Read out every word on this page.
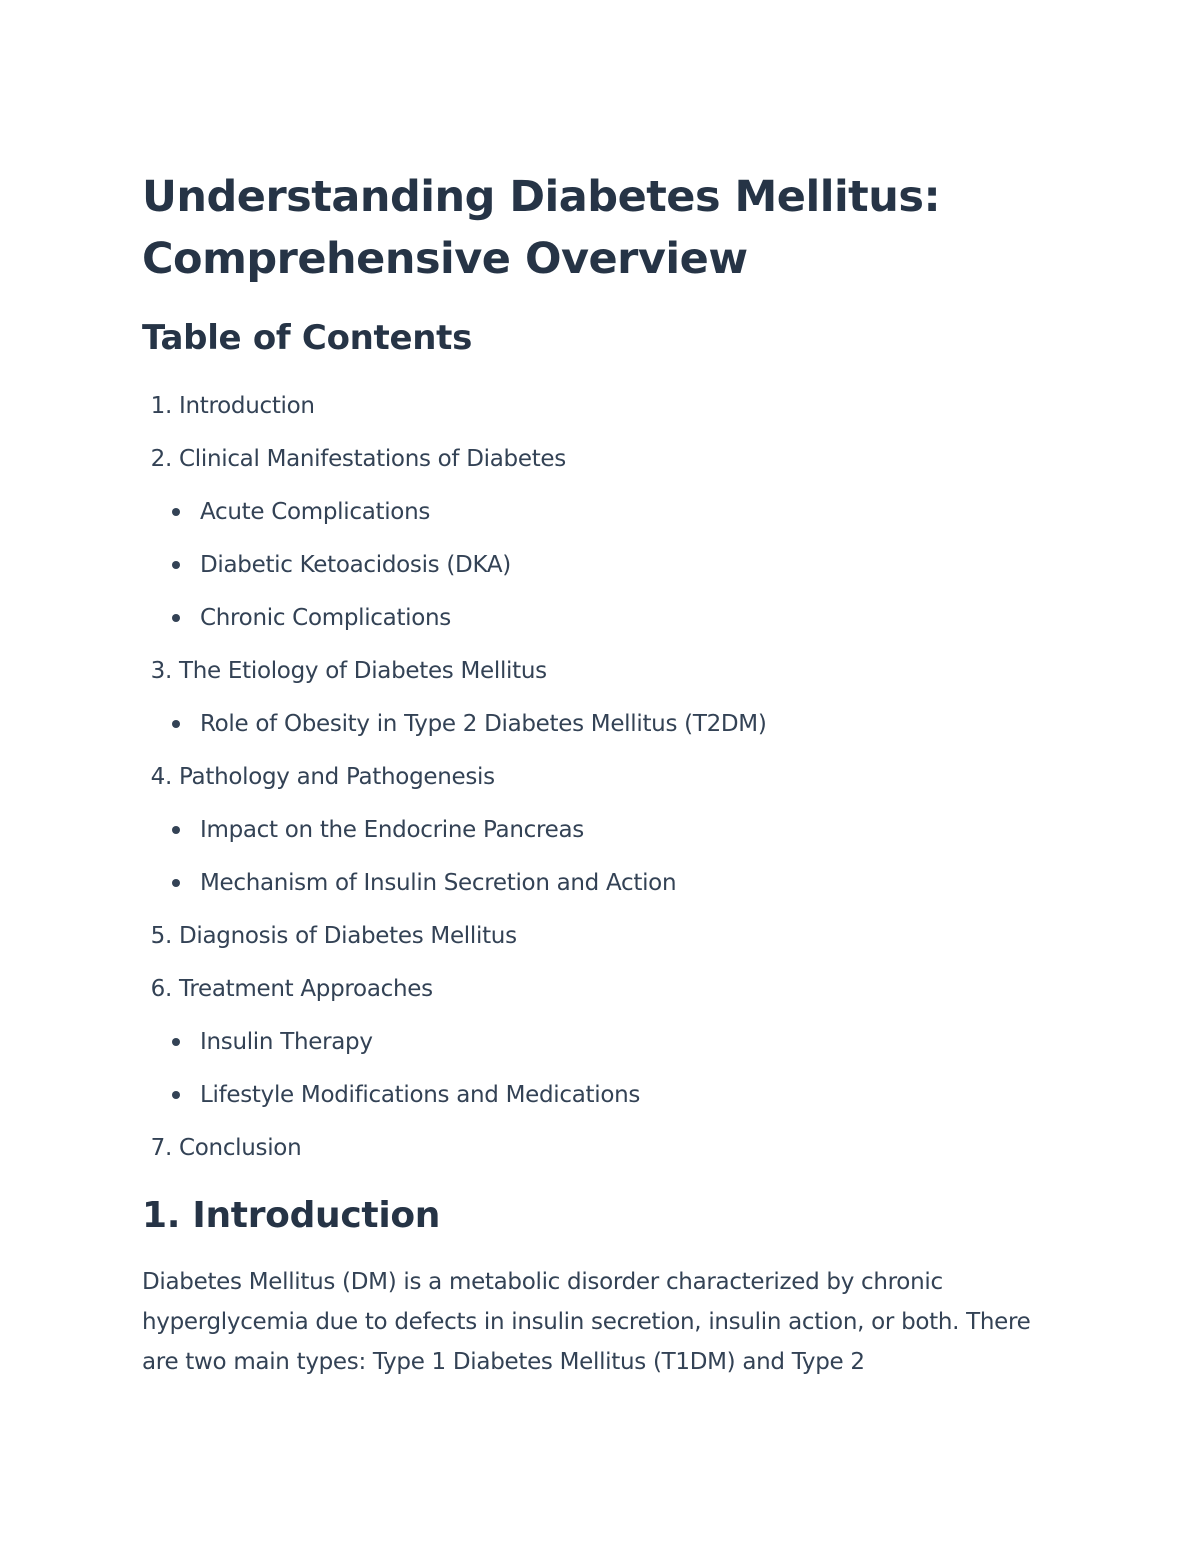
Understanding Diabetes Mellitus: Comprehensive Overview
Table of Contents
1. Introduction
2. Clinical Manifestations of Diabetes
Acute Complications
Diabetic Ketoacidosis (DKA)
Chronic Complications
3. The Etiology of Diabetes Mellitus
Role of Obesity in Type 2 Diabetes Mellitus (T2DM)
4. Pathology and Pathogenesis
Impact on the Endocrine Pancreas
Mechanism of Insulin Secretion and Action
5. Diagnosis of Diabetes Mellitus
6. Treatment Approaches
Insulin Therapy
Lifestyle Modifications and Medications
7. Conclusion
1. Introduction

Diabetes Mellitus (DM) is a metabolic disorder characterized by chronic hyperglycemia due to defects in insulin secretion, insulin action, or both. There are two main types: Type 1 Diabetes Mellitus (T1DM) and Type 2
